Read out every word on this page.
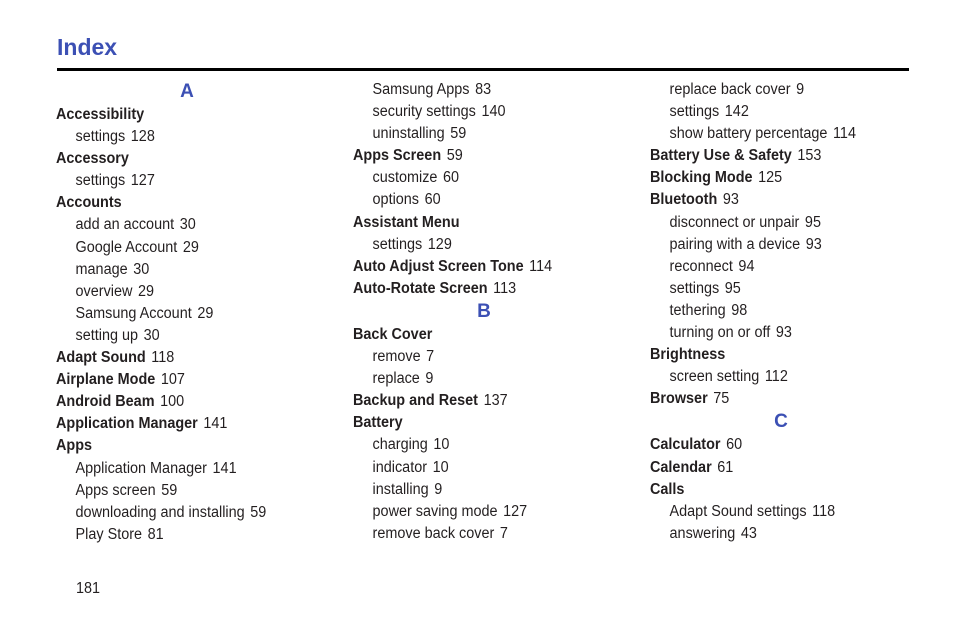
Index
A
Accessibility
settings 128
Accessory
settings 127
Accounts
add an account 30
Google Account 29
manage 30
overview 29
Samsung Account 29
setting up 30
Adapt Sound 118
Airplane Mode 107
Android Beam 100
Application Manager 141
Apps
Application Manager 141
Apps screen 59
downloading and installing 59
Play Store 81
Samsung Apps 83
security settings 140
uninstalling 59
Apps Screen 59
customize 60
options 60
Assistant Menu
settings 129
Auto Adjust Screen Tone 114
Auto-Rotate Screen 113
B
Back Cover
remove 7
replace 9
Backup and Reset 137
Battery
charging 10
indicator 10
installing 9
power saving mode 127
remove back cover 7
replace back cover 9
settings 142
show battery percentage 114
Battery Use & Safety 153
Blocking Mode 125
Bluetooth 93
disconnect or unpair 95
pairing with a device 93
reconnect 94
settings 95
tethering 98
turning on or off 93
Brightness
screen setting 112
Browser 75
C
Calculator 60
Calendar 61
Calls
Adapt Sound settings 118
answering 43
181
